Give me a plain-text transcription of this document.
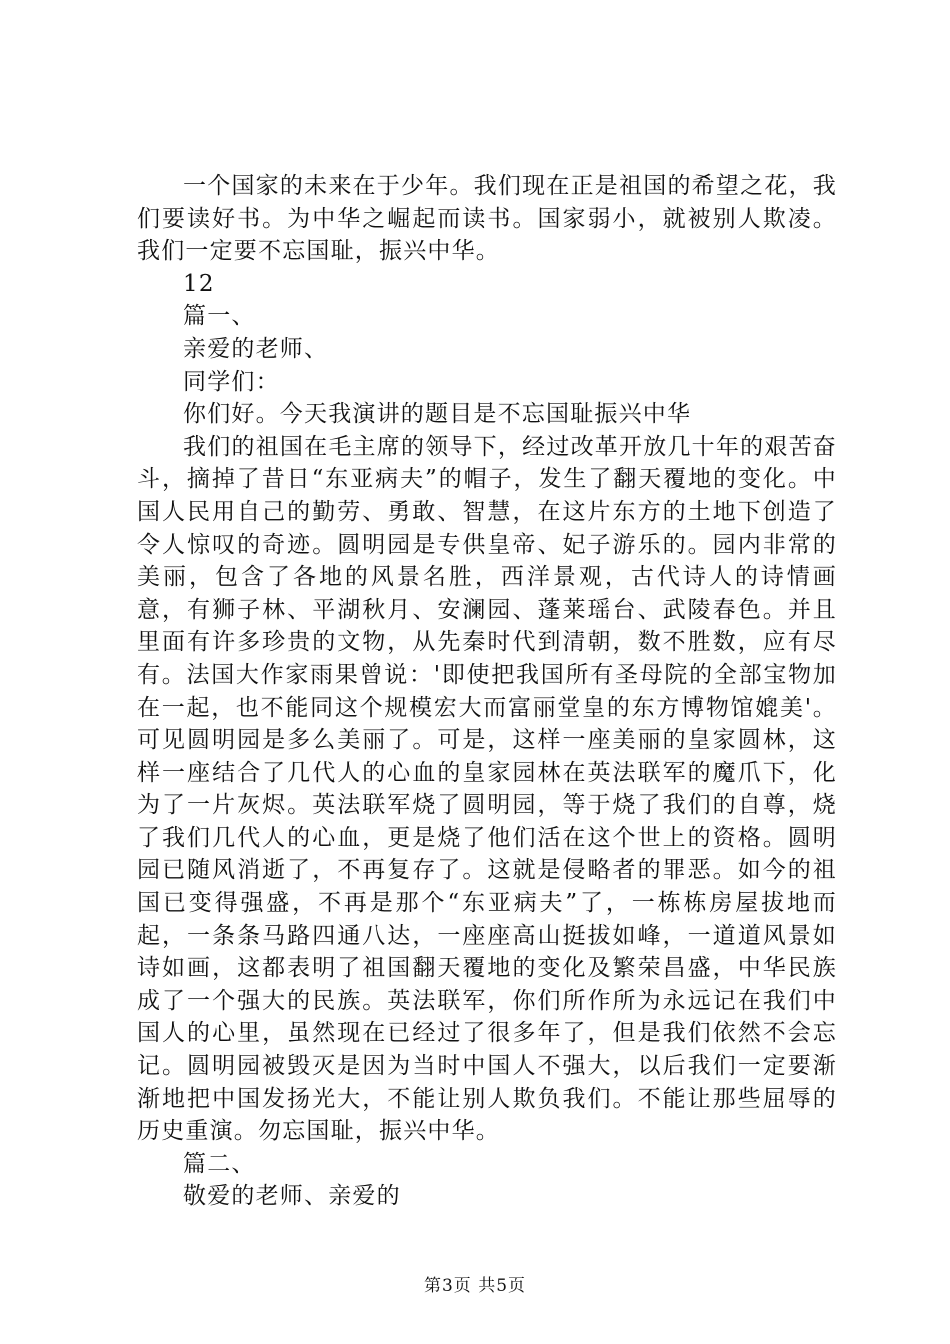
一个国家的未来在于少年。我们现在正是祖国的希望之花，我们要读好书。为中华之崛起而读书。国家弱小，就被别人欺凌。我们一定要不忘国耻，振兴中华。

12

篇一、

亲爱的老师、

同学们：

你们好。今天我演讲的题目是不忘国耻振兴中华

我们的祖国在毛主席的领导下，经过改革开放几十年的艰苦奋斗，摘掉了昔日“东亚病夫”的帽子，发生了翻天覆地的变化。中国人民用自己的勤劳、勇敢、智慧，在这片东方的土地下创造了令人惊叹的奇迹。圆明园是专供皇帝、妃子游乐的。园内非常的美丽，包含了各地的风景名胜，西洋景观，古代诗人的诗情画意，有狮子林、平湖秋月、安澜园、蓬莱瑶台、武陵春色。并且里面有许多珍贵的文物，从先秦时代到清朝，数不胜数，应有尽有。法国大作家雨果曾说：'即使把我国所有圣母院的全部宝物加在一起，也不能同这个规模宏大而富丽堂皇的东方博物馆媲美'。可见圆明园是多么美丽了。可是，这样一座美丽的皇家圆林，这样一座结合了几代人的心血的皇家园林在英法联军的魔爪下，化为了一片灰烬。英法联军烧了圆明园，等于烧了我们的自尊，烧了我们几代人的心血，更是烧了他们活在这个世上的资格。圆明园已随风消逝了，不再复存了。这就是侵略者的罪恶。如今的祖国已变得强盛，不再是那个“东亚病夫”了，一栋栋房屋拔地而起，一条条马路四通八达，一座座高山挺拔如峰，一道道风景如诗如画，这都表明了祖国翻天覆地的变化及繁荣昌盛，中华民族成了一个强大的民族。英法联军，你们所作所为永远记在我们中国人的心里，虽然现在已经过了很多年了，但是我们依然不会忘记。圆明园被毁灭是因为当时中国人不强大，以后我们一定要渐渐地把中国发扬光大，不能让别人欺负我们。不能让那些屈辱的历史重演。勿忘国耻，振兴中华。

篇二、

敬爱的老师、亲爱的

第3页 共5页
